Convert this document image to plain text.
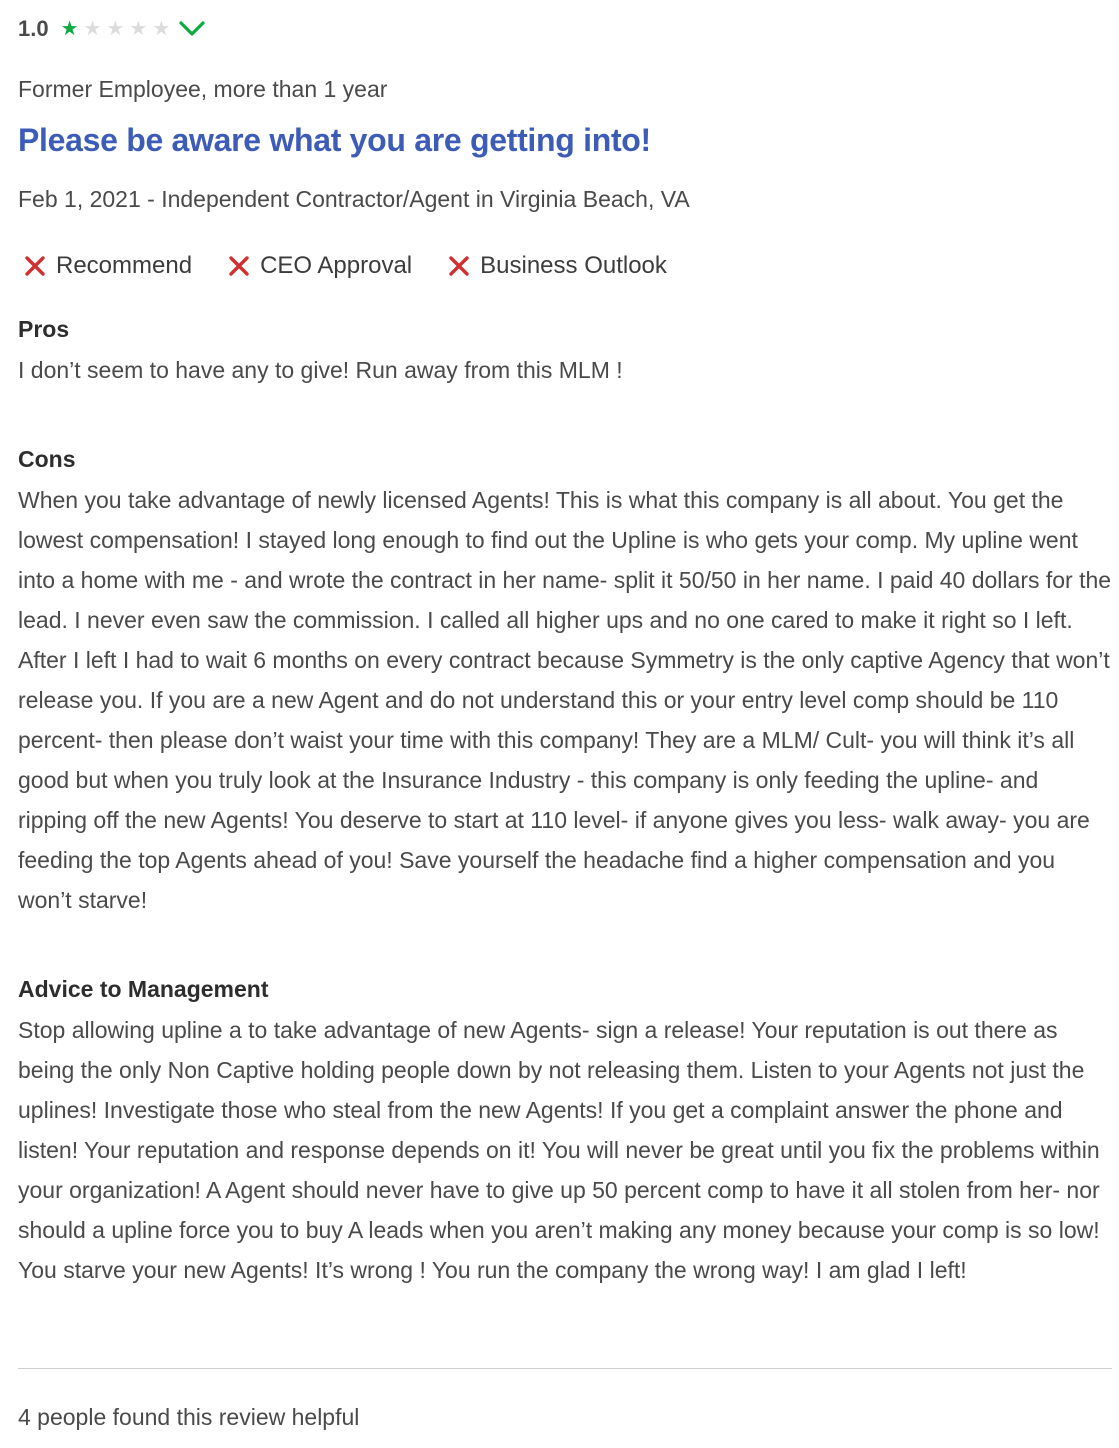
1.0 ★ ★ ★ ★ ★
Former Employee, more than 1 year
Please be aware what you are getting into!
Feb 1, 2021 - Independent Contractor/Agent in Virginia Beach, VA
Recommend	CEO Approval	Business Outlook
Pros

I don’t seem to have any to give! Run away from this MLM !

Cons

When you take advantage of newly licensed Agents! This is what this company is all about. You get the lowest compensation! I stayed long enough to find out the Upline is who gets your comp. My upline went into a home with me - and wrote the contract in her name- split it 50/50 in her name. I paid 40 dollars for the lead. I never even saw the commission. I called all higher ups and no one cared to make it right so I left. After I left I had to wait 6 months on every contract because Symmetry is the only captive Agency that won’t release you. If you are a new Agent and do not understand this or your entry level comp should be 110 percent- then please don’t waist your time with this company! They are a MLM/ Cult- you will think it’s all good but when you truly look at the Insurance Industry - this company is only feeding the upline- and ripping off the new Agents! You deserve to start at 110 level- if anyone gives you less- walk away- you are feeding the top Agents ahead of you! Save yourself the headache find a higher compensation and you won’t starve!

Advice to Management

Stop allowing upline a to take advantage of new Agents- sign a release! Your reputation is out there as being the only Non Captive holding people down by not releasing them. Listen to your Agents not just the uplines! Investigate those who steal from the new Agents! If you get a complaint answer the phone and listen! Your reputation and response depends on it! You will never be great until you fix the problems within your organization! A Agent should never have to give up 50 percent comp to have it all stolen from her- nor should a upline force you to buy A leads when you aren’t making any money because your comp is so low! You starve your new Agents! It’s wrong ! You run the company the wrong way! I am glad I left!

4 people found this review helpful
